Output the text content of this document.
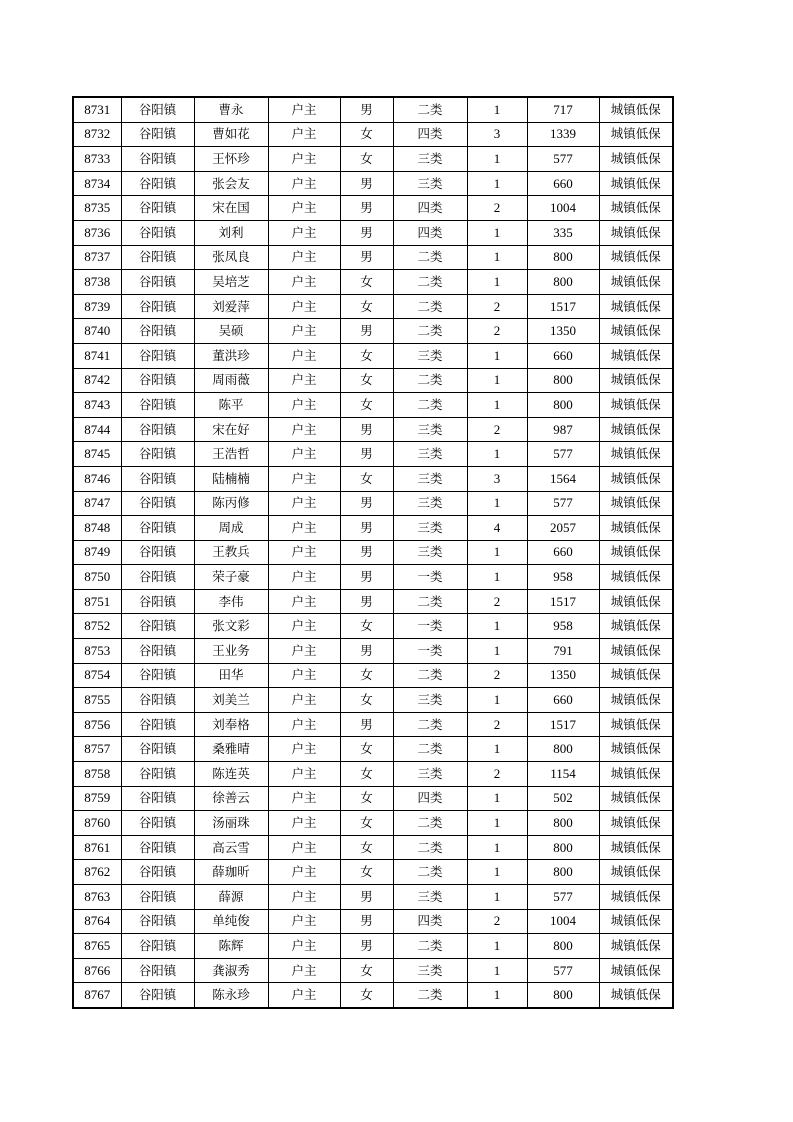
8731	谷阳镇	曹永	户主	男	二类	1	717	城镇低保
8732	谷阳镇	曹如花	户主	女	四类	3	1339	城镇低保
8733	谷阳镇	王怀珍	户主	女	三类	1	577	城镇低保
8734	谷阳镇	张会友	户主	男	三类	1	660	城镇低保
8735	谷阳镇	宋在国	户主	男	四类	2	1004	城镇低保
8736	谷阳镇	刘利	户主	男	四类	1	335	城镇低保
8737	谷阳镇	张凤良	户主	男	二类	1	800	城镇低保
8738	谷阳镇	吴培芝	户主	女	二类	1	800	城镇低保
8739	谷阳镇	刘爱萍	户主	女	二类	2	1517	城镇低保
8740	谷阳镇	吴硕	户主	男	二类	2	1350	城镇低保
8741	谷阳镇	董洪珍	户主	女	三类	1	660	城镇低保
8742	谷阳镇	周雨薇	户主	女	二类	1	800	城镇低保
8743	谷阳镇	陈平	户主	女	二类	1	800	城镇低保
8744	谷阳镇	宋在好	户主	男	三类	2	987	城镇低保
8745	谷阳镇	王浩哲	户主	男	三类	1	577	城镇低保
8746	谷阳镇	陆楠楠	户主	女	三类	3	1564	城镇低保
8747	谷阳镇	陈丙修	户主	男	三类	1	577	城镇低保
8748	谷阳镇	周成	户主	男	三类	4	2057	城镇低保
8749	谷阳镇	王教兵	户主	男	三类	1	660	城镇低保
8750	谷阳镇	荣子豪	户主	男	一类	1	958	城镇低保
8751	谷阳镇	李伟	户主	男	二类	2	1517	城镇低保
8752	谷阳镇	张文彩	户主	女	一类	1	958	城镇低保
8753	谷阳镇	王业务	户主	男	一类	1	791	城镇低保
8754	谷阳镇	田华	户主	女	二类	2	1350	城镇低保
8755	谷阳镇	刘美兰	户主	女	三类	1	660	城镇低保
8756	谷阳镇	刘奉格	户主	男	二类	2	1517	城镇低保
8757	谷阳镇	桑雅晴	户主	女	二类	1	800	城镇低保
8758	谷阳镇	陈连英	户主	女	三类	2	1154	城镇低保
8759	谷阳镇	徐善云	户主	女	四类	1	502	城镇低保
8760	谷阳镇	汤丽珠	户主	女	二类	1	800	城镇低保
8761	谷阳镇	高云雪	户主	女	二类	1	800	城镇低保
8762	谷阳镇	薛珈昕	户主	女	二类	1	800	城镇低保
8763	谷阳镇	薛源	户主	男	三类	1	577	城镇低保
8764	谷阳镇	单纯俊	户主	男	四类	2	1004	城镇低保
8765	谷阳镇	陈辉	户主	男	二类	1	800	城镇低保
8766	谷阳镇	龚淑秀	户主	女	三类	1	577	城镇低保
8767	谷阳镇	陈永珍	户主	女	二类	1	800	城镇低保
